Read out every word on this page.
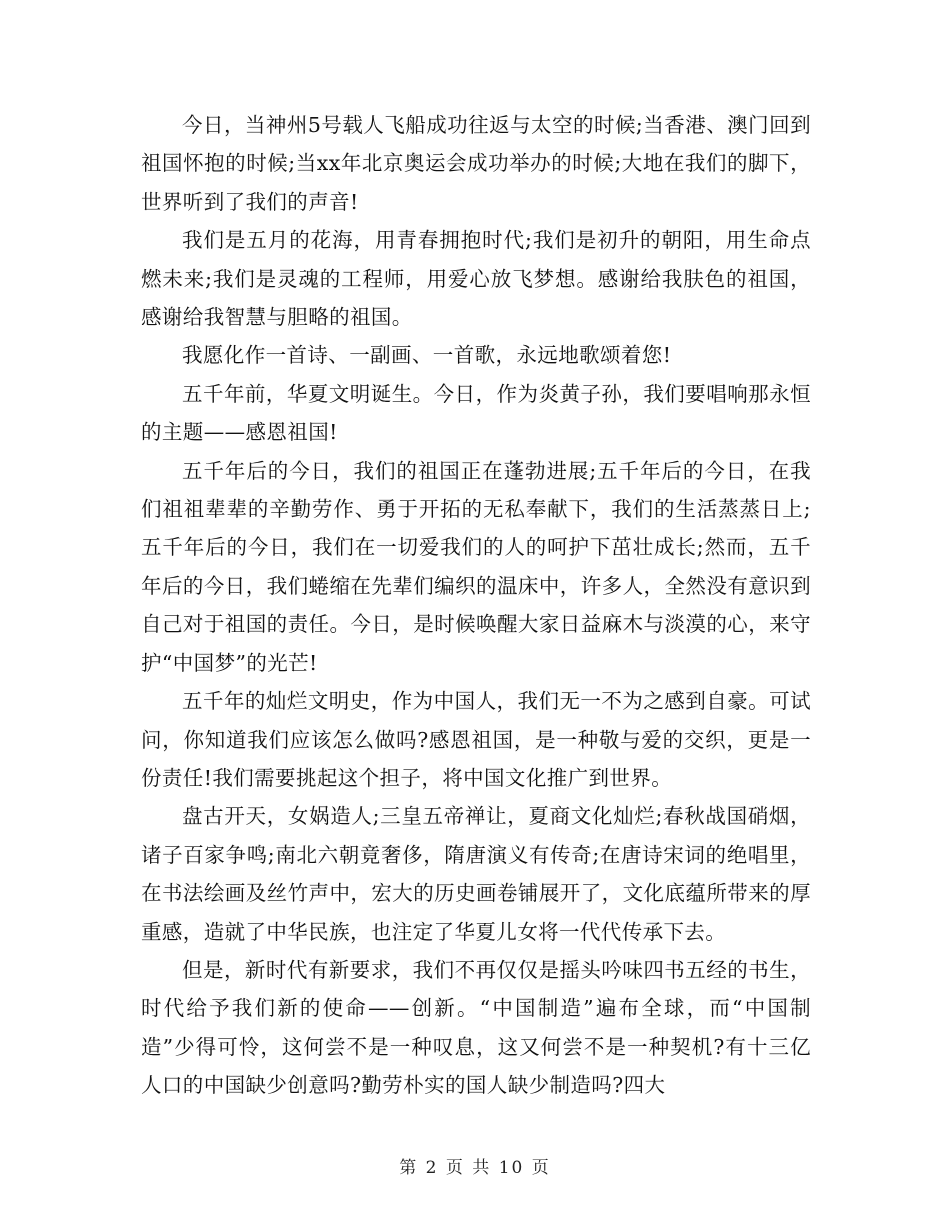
今日，当神州5号载人飞船成功往返与太空的时候;当香港、澳门回到祖国怀抱的时候;当xx年北京奥运会成功举办的时候;大地在我们的脚下，世界听到了我们的声音!

我们是五月的花海，用青春拥抱时代;我们是初升的朝阳，用生命点燃未来;我们是灵魂的工程师，用爱心放飞梦想。感谢给我肤色的祖国，感谢给我智慧与胆略的祖国。

我愿化作一首诗、一副画、一首歌，永远地歌颂着您!

五千年前，华夏文明诞生。今日，作为炎黄子孙，我们要唱响那永恒的主题——感恩祖国!

五千年后的今日，我们的祖国正在蓬勃进展;五千年后的今日，在我们祖祖辈辈的辛勤劳作、勇于开拓的无私奉献下，我们的生活蒸蒸日上;五千年后的今日，我们在一切爱我们的人的呵护下茁壮成长;然而，五千年后的今日，我们蜷缩在先辈们编织的温床中，许多人，全然没有意识到自己对于祖国的责任。今日，是时候唤醒大家日益麻木与淡漠的心，来守护“中国梦”的光芒!

五千年的灿烂文明史，作为中国人，我们无一不为之感到自豪。可试问，你知道我们应该怎么做吗?感恩祖国，是一种敬与爱的交织，更是一份责任!我们需要挑起这个担子，将中国文化推广到世界。

盘古开天，女娲造人;三皇五帝禅让，夏商文化灿烂;春秋战国硝烟，诸子百家争鸣;南北六朝竟奢侈，隋唐演义有传奇;在唐诗宋词的绝唱里，在书法绘画及丝竹声中，宏大的历史画卷铺展开了，文化底蕴所带来的厚重感，造就了中华民族，也注定了华夏儿女将一代代传承下去。

但是，新时代有新要求，我们不再仅仅是摇头吟味四书五经的书生，时代给予我们新的使命——创新。“中国制造”遍布全球，而“中国制造”少得可怜，这何尝不是一种叹息，这又何尝不是一种契机?有十三亿人口的中国缺少创意吗?勤劳朴实的国人缺少制造吗?四大

第 2 页 共 10 页
